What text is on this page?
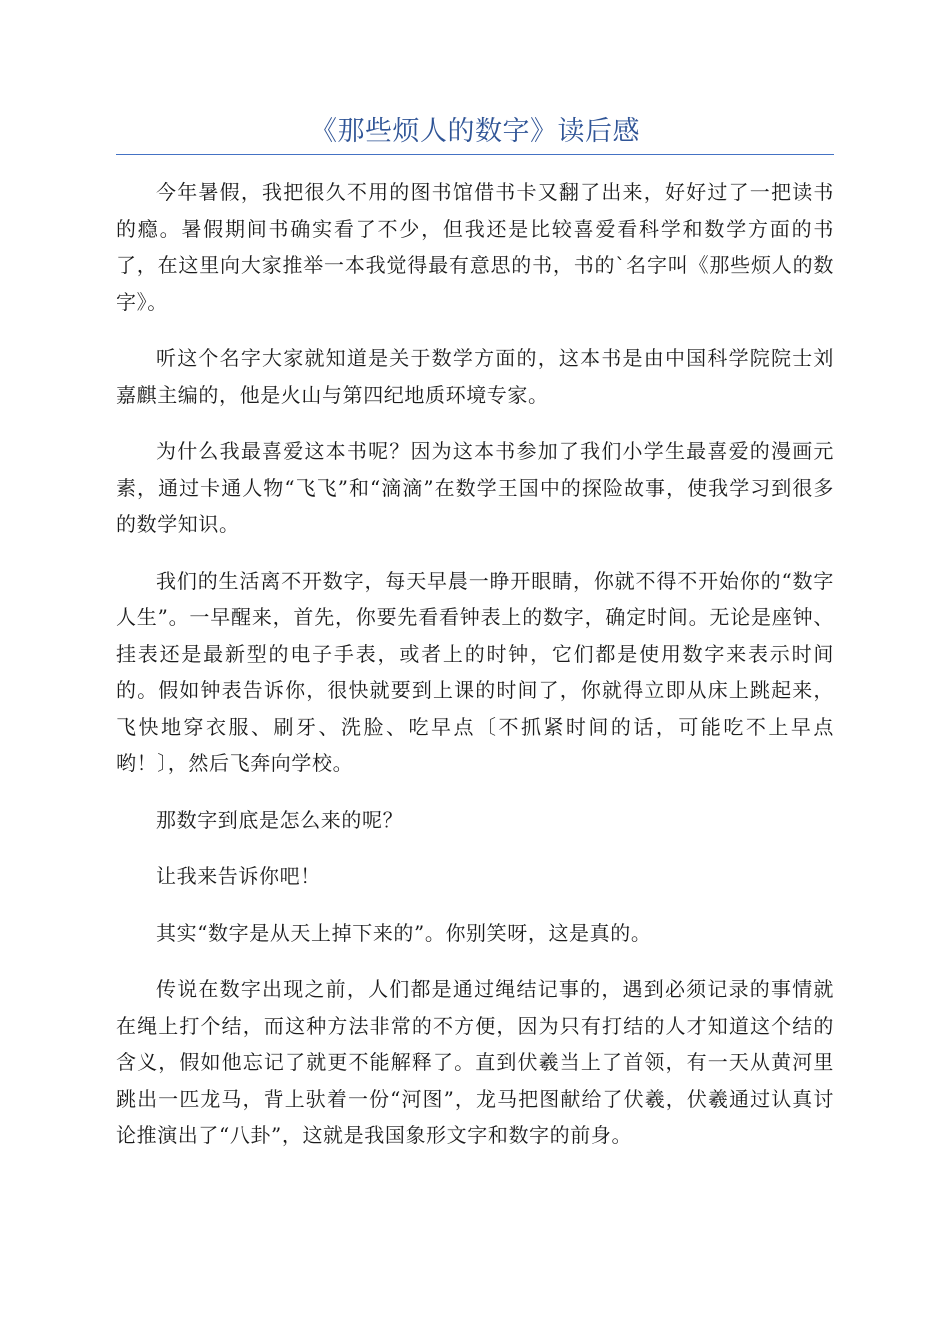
《那些烦人的数字》读后感

今年暑假，我把很久不用的图书馆借书卡又翻了出来，好好过了一把读书的瘾。暑假期间书确实看了不少，但我还是比较喜爱看科学和数学方面的书了，在这里向大家推举一本我觉得最有意思的书，书的`名字叫《那些烦人的数字》。

听这个名字大家就知道是关于数学方面的，这本书是由中国科学院院士刘嘉麒主编的，他是火山与第四纪地质环境专家。

为什么我最喜爱这本书呢？因为这本书参加了我们小学生最喜爱的漫画元素，通过卡通人物“飞飞”和“滴滴”在数学王国中的探险故事，使我学习到很多的数学知识。

我们的生活离不开数字，每天早晨一睁开眼睛，你就不得不开始你的“数字人生”。一早醒来，首先，你要先看看钟表上的数字，确定时间。无论是座钟、挂表还是最新型的电子手表，或者上的时钟，它们都是使用数字来表示时间的。假如钟表告诉你，很快就要到上课的时间了，你就得立即从床上跳起来，飞快地穿衣服、刷牙、洗脸、吃早点〔不抓紧时间的话，可能吃不上早点哟！〕，然后飞奔向学校。

那数字到底是怎么来的呢？

让我来告诉你吧！

其实“数字是从天上掉下来的”。你别笑呀，这是真的。

传说在数字出现之前，人们都是通过绳结记事的，遇到必须记录的事情就在绳上打个结，而这种方法非常的不方便，因为只有打结的人才知道这个结的含义，假如他忘记了就更不能解释了。直到伏羲当上了首领，有一天从黄河里跳出一匹龙马，背上驮着一份“河图”，龙马把图献给了伏羲，伏羲通过认真讨论推演出了“八卦”，这就是我国象形文字和数字的前身。
